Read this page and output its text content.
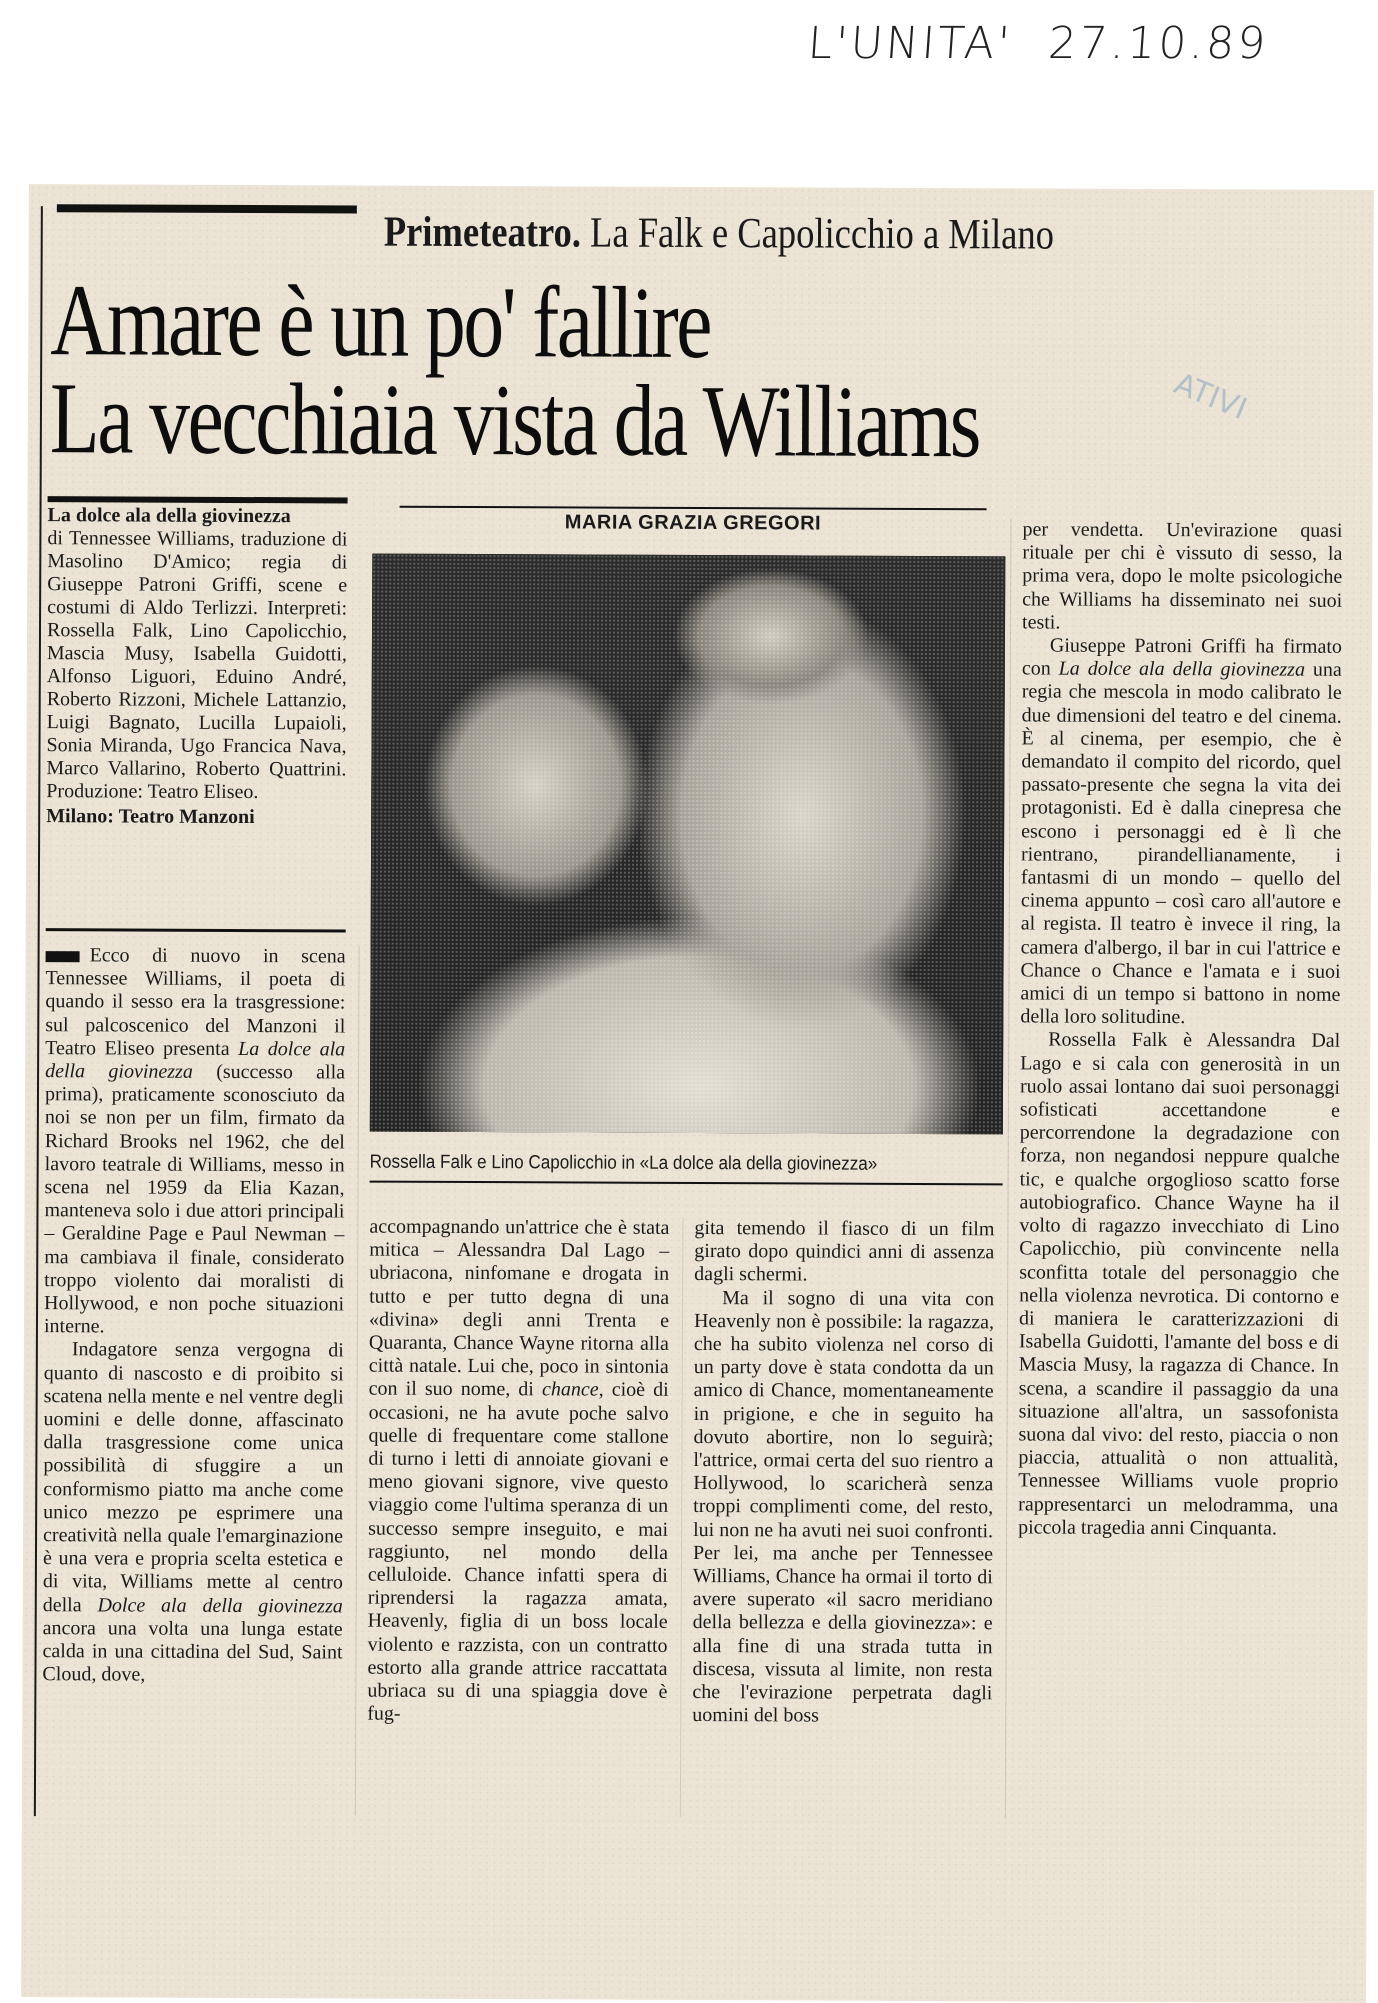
L'UNITA' 27.10.89
Primeteatro. La Falk e Capolicchio a Milano
Amare è un po' fallire
La vecchiaia vista da Williams	ATIVI
La dolce ala della giovinezza
di Tennessee Williams, traduzione di Masolino D'Amico; regia di Giuseppe Patroni Griffi, scene e costumi di Aldo Terlizzi. Interpreti: Rossella Falk, Lino Capolicchio, Mascia Musy, Isabella Guidotti, Alfonso Liguori, Eduino André, Roberto Rizzoni, Michele Lattanzio, Luigi Bagnato, Lucilla Lupaioli, Sonia Miranda, Ugo Francica Nava, Marco Vallarino, Roberto Quattrini. Produzione: Teatro Eliseo.
Milano: Teatro Manzoni
MARIA GRAZIA GREGORI
Rossella Falk e Lino Capolicchio in «La dolce ala della giovinezza»

Ecco di nuovo in scena Tennessee Williams, il poeta di quando il sesso era la trasgressione: sul palcoscenico del Manzoni il Teatro Eliseo presenta La dolce ala della giovinezza (successo alla prima), praticamente sconosciuto da noi se non per un film, firmato da Richard Brooks nel 1962, che del lavoro teatrale di Williams, messo in scena nel 1959 da Elia Kazan, manteneva solo i due attori principali – Geraldine Page e Paul Newman – ma cambiava il finale, considerato troppo violento dai moralisti di Hollywood, e non poche situazioni interne.

Indagatore senza vergogna di quanto di nascosto e di proibito si scatena nella mente e nel ventre degli uomini e delle donne, affascinato dalla trasgressione come unica possibilità di sfuggire a un conformismo piatto ma anche come unico mezzo pe esprimere una creatività nella quale l'emarginazione è una vera e propria scelta estetica e di vita, Williams mette al centro della Dolce ala della giovinezza ancora una volta una lunga estate calda in una cittadina del Sud, Saint Cloud, dove,

accompagnando un'attrice che è stata mitica – Alessandra Dal Lago – ubriacona, ninfomane e drogata in tutto e per tutto degna di una «divina» degli anni Trenta e Quaranta, Chance Wayne ritorna alla città natale. Lui che, poco in sintonia con il suo nome, di chance, cioè di occasioni, ne ha avute poche salvo quelle di frequentare come stallone di turno i letti di annoiate giovani e meno giovani signore, vive questo viaggio come l'ultima speranza di un successo sempre inseguito, e mai raggiunto, nel mondo della celluloide. Chance infatti spera di riprendersi la ragazza amata, Heavenly, figlia di un boss locale violento e razzista, con un contratto estorto alla grande attrice raccattata ubriaca su di una spiaggia dove è fug-

gita temendo il fiasco di un film girato dopo quindici anni di assenza dagli schermi.

Ma il sogno di una vita con Heavenly non è possibile: la ragazza, che ha subito violenza nel corso di un party dove è stata condotta da un amico di Chance, momentaneamente in prigione, e che in seguito ha dovuto abortire, non lo seguirà; l'attrice, ormai certa del suo rientro a Hollywood, lo scaricherà senza troppi complimenti come, del resto, lui non ne ha avuti nei suoi confronti. Per lei, ma anche per Tennessee Williams, Chance ha ormai il torto di avere superato «il sacro meridiano della bellezza e della giovinezza»: e alla fine di una strada tutta in discesa, vissuta al limite, non resta che l'evirazione perpetrata dagli uomini del boss

per vendetta. Un'evirazione quasi rituale per chi è vissuto di sesso, la prima vera, dopo le molte psicologiche che Williams ha disseminato nei suoi testi.

Giuseppe Patroni Griffi ha firmato con La dolce ala della giovinezza una regia che mescola in modo calibrato le due dimensioni del teatro e del cinema. È al cinema, per esempio, che è demandato il compito del ricordo, quel passato-presente che segna la vita dei protagonisti. Ed è dalla cinepresa che escono i personaggi ed è lì che rientrano, pirandellianamente, i fantasmi di un mondo – quello del cinema appunto – così caro all'autore e al regista. Il teatro è invece il ring, la camera d'albergo, il bar in cui l'attrice e Chance o Chance e l'amata e i suoi amici di un tempo si battono in nome della loro solitudine.

Rossella Falk è Alessandra Dal Lago e si cala con generosità in un ruolo assai lontano dai suoi personaggi sofisticati accettandone e percorrendone la degradazione con forza, non negandosi neppure qualche tic, e qualche orgoglioso scatto forse autobiografico. Chance Wayne ha il volto di ragazzo invecchiato di Lino Capolicchio, più convincente nella sconfitta totale del personaggio che nella violenza nevrotica. Di contorno e di maniera le caratterizzazioni di Isabella Guidotti, l'amante del boss e di Mascia Musy, la ragazza di Chance. In scena, a scandire il passaggio da una situazione all'altra, un sassofonista suona dal vivo: del resto, piaccia o non piaccia, attualità o non attualità, Tennessee Williams vuole proprio rappresentarci un melodramma, una piccola tragedia anni Cinquanta.
